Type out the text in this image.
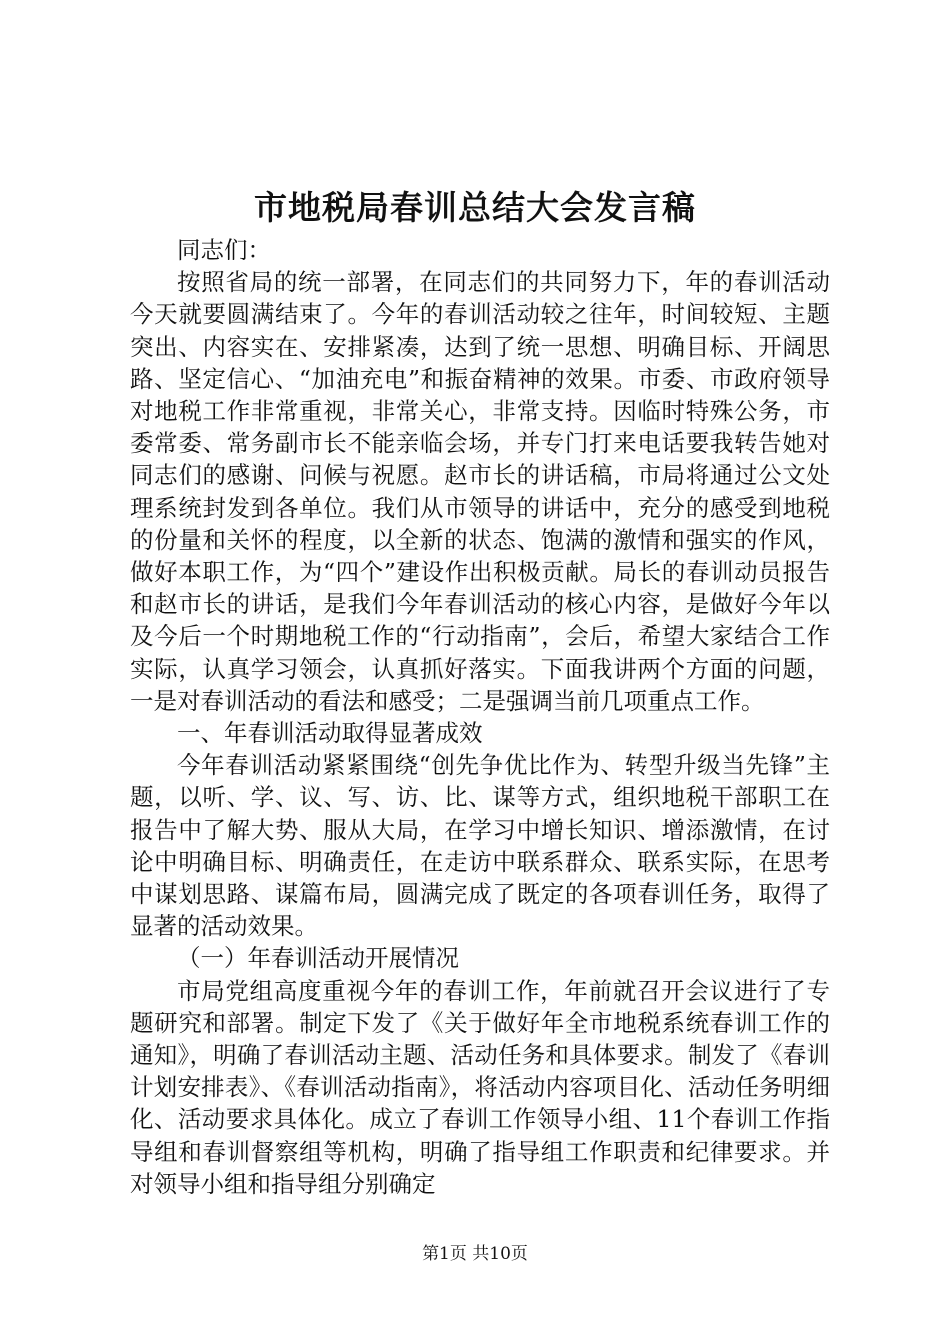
市地税局春训总结大会发言稿

同志们：

按照省局的统一部署，在同志们的共同努力下，年的春训活动今天就要圆满结束了。今年的春训活动较之往年，时间较短、主题突出、内容实在、安排紧凑，达到了统一思想、明确目标、开阔思路、坚定信心、“加油充电”和振奋精神的效果。市委、市政府领导对地税工作非常重视，非常关心，非常支持。因临时特殊公务，市委常委、常务副市长不能亲临会场，并专门打来电话要我转告她对同志们的感谢、问候与祝愿。赵市长的讲话稿，市局将通过公文处理系统封发到各单位。我们从市领导的讲话中，充分的感受到地税的份量和关怀的程度，以全新的状态、饱满的激情和强实的作风，做好本职工作，为“四个”建设作出积极贡献。局长的春训动员报告和赵市长的讲话，是我们今年春训活动的核心内容，是做好今年以及今后一个时期地税工作的“行动指南”，会后，希望大家结合工作实际，认真学习领会，认真抓好落实。下面我讲两个方面的问题，一是对春训活动的看法和感受；二是强调当前几项重点工作。

一、年春训活动取得显著成效

今年春训活动紧紧围绕“创先争优比作为、转型升级当先锋”主题，以听、学、议、写、访、比、谋等方式，组织地税干部职工在报告中了解大势、服从大局，在学习中增长知识、增添激情，在讨论中明确目标、明确责任，在走访中联系群众、联系实际，在思考中谋划思路、谋篇布局，圆满完成了既定的各项春训任务，取得了显著的活动效果。

（一）年春训活动开展情况

市局党组高度重视今年的春训工作，年前就召开会议进行了专题研究和部署。制定下发了《关于做好年全市地税系统春训工作的通知》，明确了春训活动主题、活动任务和具体要求。制发了《春训计划安排表》、《春训活动指南》，将活动内容项目化、活动任务明细化、活动要求具体化。成立了春训工作领导小组、11个春训工作指导组和春训督察组等机构，明确了指导组工作职责和纪律要求。并对领导小组和指导组分别确定

第1页 共10页
